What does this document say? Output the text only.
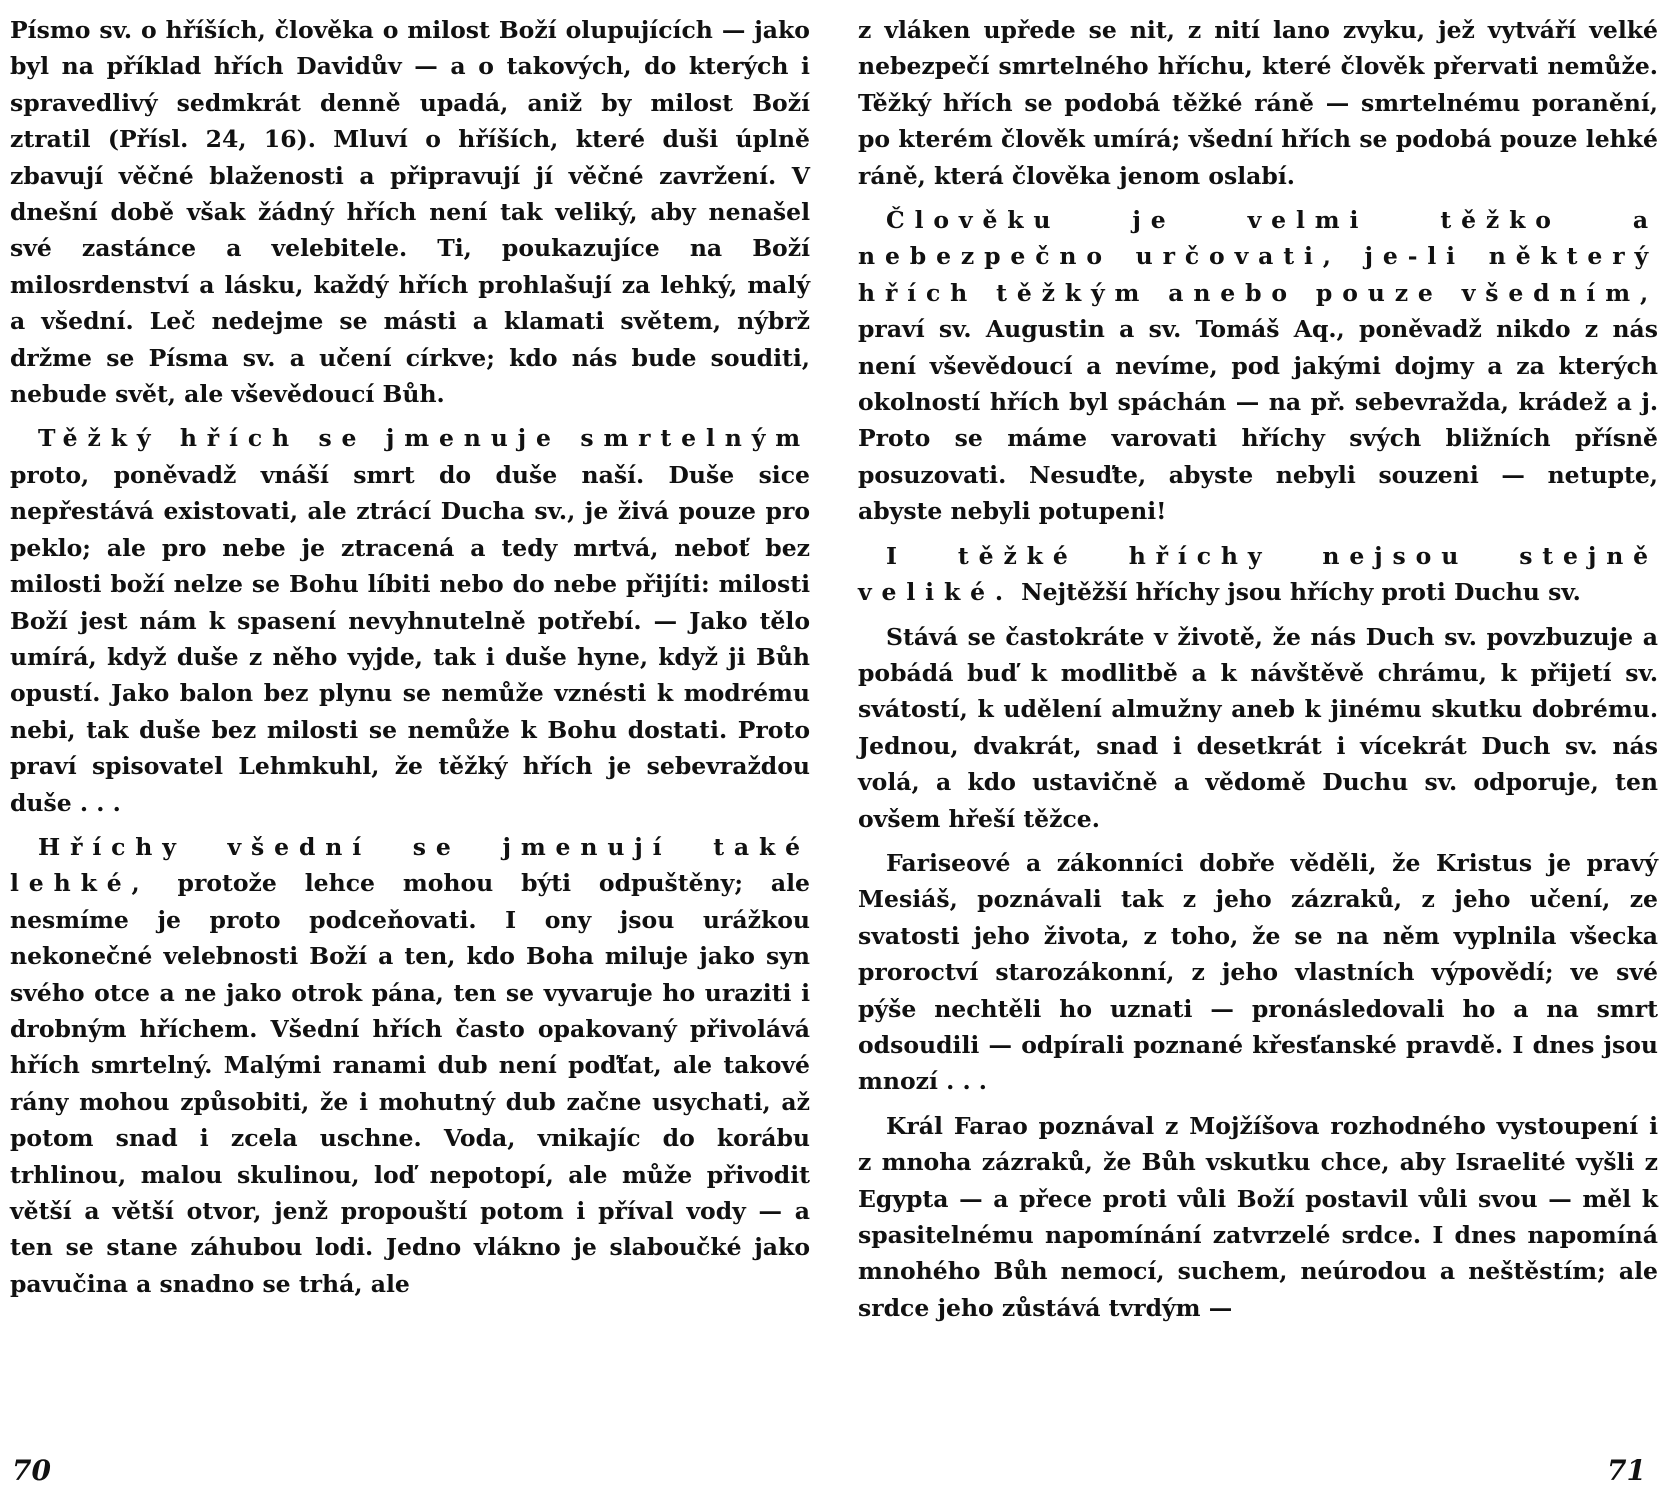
Písmo sv. o hříších, člověka o milost Boží olupujících — jako byl na příklad hřích Davidův — a o takových, do kterých i spravedlivý sedmkrát denně upadá, aniž by milost Boží ztratil (Přísl. 24, 16). Mluví o hříších, které duši úplně zbavují věčné blaženosti a připravují jí věčné zavržení. V dnešní době však žádný hřích není tak veliký, aby nenašel své zastánce a velebitele. Ti, poukazujíce na Boží milosrdenství a lásku, každý hřích prohlašují za lehký, malý a všední. Leč nedejme se másti a klamati světem, nýbrž držme se Písma sv. a učení církve; kdo nás bude souditi, nebude svět, ale vševědoucí Bůh.

Těžký hřích se jmenuje smrtelným proto, poněvadž vnáší smrt do duše naší. Duše sice nepřestává existovati, ale ztrácí Ducha sv., je živá pouze pro peklo; ale pro nebe je ztracená a tedy mrtvá, neboť bez milosti boží nelze se Bohu líbiti nebo do nebe přijíti: milosti Boží jest nám k spasení nevyhnutelně potřebí. — Jako tělo umírá, když duše z něho vyjde, tak i duše hyne, když ji Bůh opustí. Jako balon bez plynu se nemůže vznésti k modrému nebi, tak duše bez milosti se nemůže k Bohu dostati. Proto praví spisovatel Lehmkuhl, že těžký hřích je sebevraždou duše . . .

Hříchy všední se jmenují také lehké, protože lehce mohou býti odpuštěny; ale nesmíme je proto podceňovati. I ony jsou urážkou nekonečné velebnosti Boží a ten, kdo Boha miluje jako syn svého otce a ne jako otrok pána, ten se vyvaruje ho uraziti i drobným hříchem. Všední hřích často opakovaný přivolává hřích smrtelný. Malými ranami dub není poďťat, ale takové rány mohou způsobiti, že i mohutný dub začne usychati, až potom snad i zcela uschne. Voda, vnikajíc do korábu trhlinou, malou skulinou, loď nepotopí, ale může přivodit větší a větší otvor, jenž propouští potom i příval vody — a ten se stane záhubou lodi. Jedno vlákno je slaboučké jako pavučina a snadno se trhá, ale

70

z vláken upřede se nit, z nití lano zvyku, jež vytváří velké nebezpečí smrtelného hříchu, které člověk přervati nemůže. Těžký hřích se podobá těžké ráně — smrtelnému poranění, po kterém člověk umírá; všední hřích se podobá pouze lehké ráně, která člověka jenom oslabí.

Člověku je velmi těžko a nebezpečno určovati, je-li některý hřích těžkým anebo pouze všedním, praví sv. Augustin a sv. Tomáš Aq., poněvadž nikdo z nás není vševědoucí a nevíme, pod jakými dojmy a za kterých okolností hřích byl spáchán — na př. sebevražda, krádež a j. Proto se máme varovati hříchy svých bližních přísně posuzovati. Nesuďte, abyste nebyli souzeni — netupte, abyste nebyli potupeni!

I těžké hříchy nejsou stejně veliké. Nejtěžší hříchy jsou hříchy proti Duchu sv.

Stává se častokráte v životě, že nás Duch sv. povzbuzuje a pobádá buď k modlitbě a k návštěvě chrámu, k přijetí sv. svátostí, k udělení almužny aneb k jinému skutku dobrému. Jednou, dvakrát, snad i desetkrát i vícekrát Duch sv. nás volá, a kdo ustavičně a vědomě Duchu sv. odporuje, ten ovšem hřeší těžce.

Fariseové a zákonníci dobře věděli, že Kristus je pravý Mesiáš, poznávali tak z jeho zázraků, z jeho učení, ze svatosti jeho života, z toho, že se na něm vyplnila všecka proroctví starozákonní, z jeho vlastních výpovědí; ve své pýše nechtěli ho uznati — pronásledovali ho a na smrt odsoudili — odpírali poznané křesťanské pravdě. I dnes jsou mnozí . . .

Král Farao poznával z Mojžíšova rozhodného vystoupení i z mnoha zázraků, že Bůh vskutku chce, aby Israelité vyšli z Egypta — a přece proti vůli Boží postavil vůli svou — měl k spasitelnému napomínání zatvrzelé srdce. I dnes napomíná mnohého Bůh nemocí, suchem, neúrodou a neštěstím; ale srdce jeho zůstává tvrdým —

71
